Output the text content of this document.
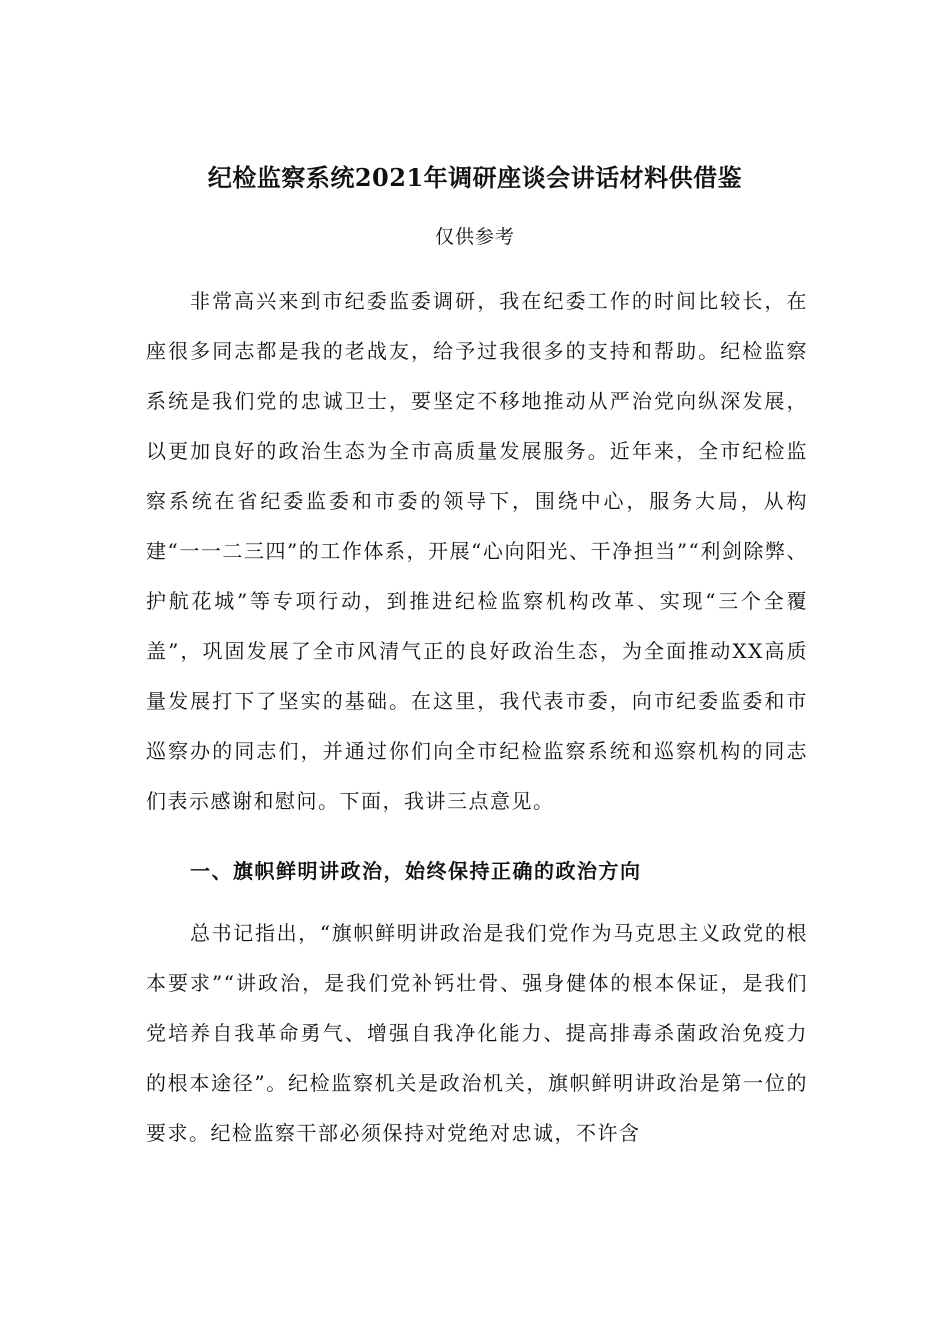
纪检监察系统2021年调研座谈会讲话材料供借鉴
仅供参考

非常高兴来到市纪委监委调研，我在纪委工作的时间比较长，在座很多同志都是我的老战友，给予过我很多的支持和帮助。纪检监察系统是我们党的忠诚卫士，要坚定不移地推动从严治党向纵深发展，以更加良好的政治生态为全市高质量发展服务。近年来，全市纪检监察系统在省纪委监委和市委的领导下，围绕中心，服务大局，从构建“一一二三四”的工作体系，开展“心向阳光、干净担当”“利剑除弊、护航花城”等专项行动，到推进纪检监察机构改革、实现“三个全覆盖”，巩固发展了全市风清气正的良好政治生态，为全面推动XX高质量发展打下了坚实的基础。在这里，我代表市委，向市纪委监委和市巡察办的同志们，并通过你们向全市纪检监察系统和巡察机构的同志们表示感谢和慰问。下面，我讲三点意见。

一、旗帜鲜明讲政治，始终保持正确的政治方向

总书记指出，“旗帜鲜明讲政治是我们党作为马克思主义政党的根本要求”“讲政治，是我们党补钙壮骨、强身健体的根本保证，是我们党培养自我革命勇气、增强自我净化能力、提高排毒杀菌政治免疫力的根本途径”。纪检监察机关是政治机关，旗帜鲜明讲政治是第一位的要求。纪检监察干部必须保持对党绝对忠诚，不许含
